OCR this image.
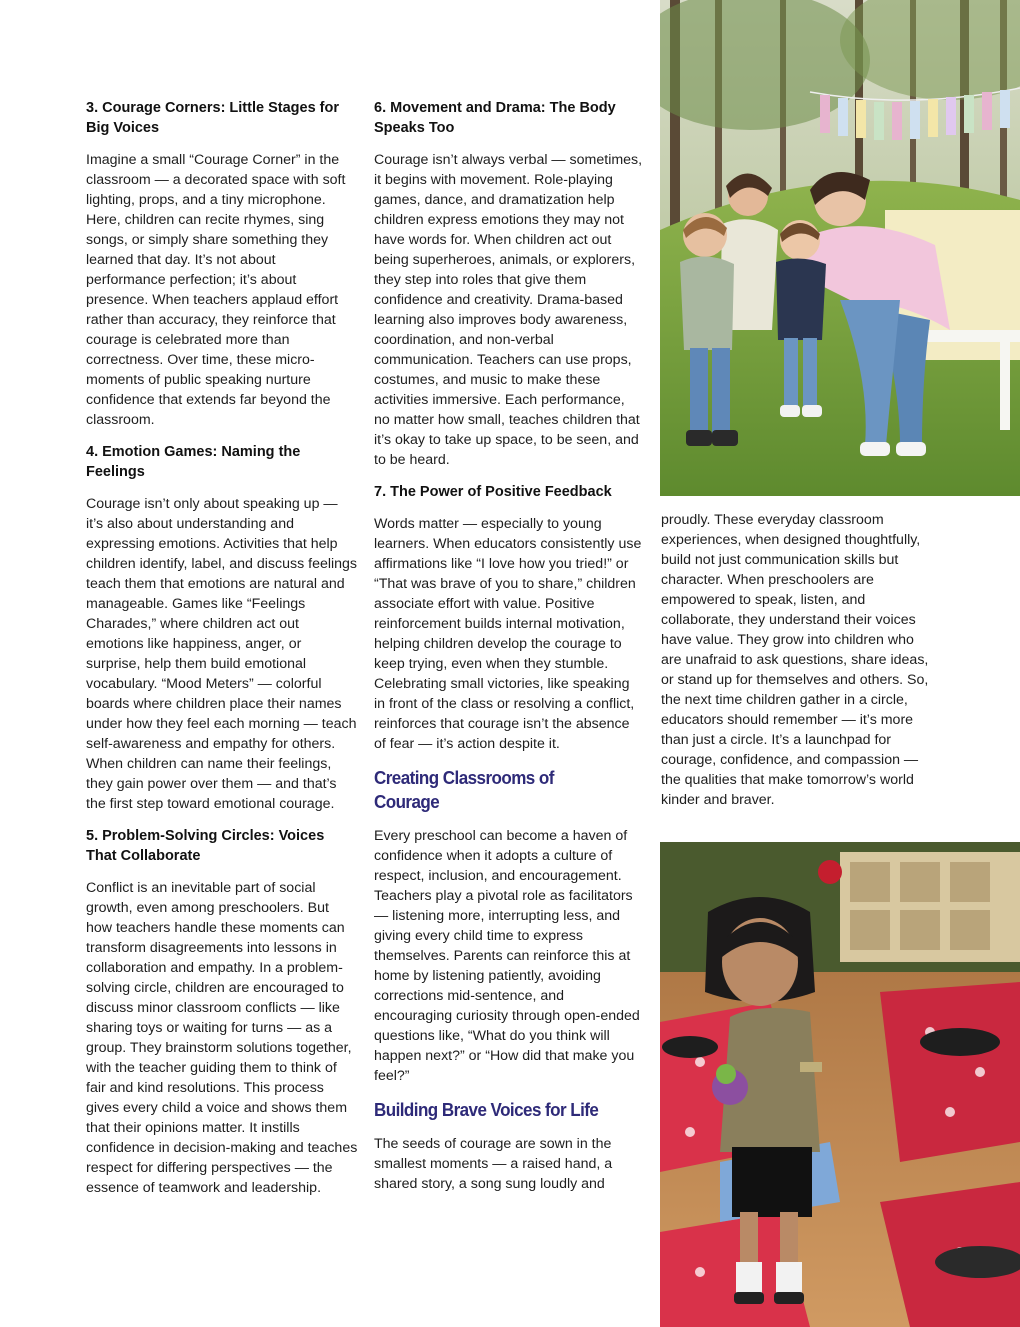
3. Courage Corners: Little Stages for Big Voices

Imagine a small “Courage Corner” in the classroom — a decorated space with soft lighting, props, and a tiny microphone. Here, children can recite rhymes, sing songs, or simply share something they learned that day. It’s not about performance perfection; it’s about presence. When teachers applaud effort rather than accuracy, they reinforce that courage is celebrated more than correctness. Over time, these micro-moments of public speaking nurture confidence that extends far beyond the classroom.

4. Emotion Games: Naming the Feelings

Courage isn’t only about speaking up — it’s also about understanding and expressing emotions. Activities that help children identify, label, and discuss feelings teach them that emotions are natural and manageable. Games like “Feelings Charades,” where children act out emotions like happiness, anger, or surprise, help them build emotional vocabulary. “Mood Meters” — colorful boards where children place their names under how they feel each morning — teach self-awareness and empathy for others. When children can name their feelings, they gain power over them — and that’s the first step toward emotional courage.

5. Problem-Solving Circles: Voices That Collaborate

Conflict is an inevitable part of social growth, even among preschoolers. But how teachers handle these moments can transform disagreements into lessons in collaboration and empathy. In a problem-solving circle, children are encouraged to discuss minor classroom conflicts — like sharing toys or waiting for turns — as a group. They brainstorm solutions together, with the teacher guiding them to think of fair and kind resolutions. This process gives every child a voice and shows them that their opinions matter. It instills confidence in decision-making and teaches respect for differing perspectives — the essence of teamwork and leadership.

6. Movement and Drama: The Body Speaks Too

Courage isn’t always verbal — sometimes, it begins with movement. Role-playing games, dance, and dramatization help children express emotions they may not have words for. When children act out being superheroes, animals, or explorers, they step into roles that give them confidence and creativity. Drama-based learning also improves body awareness, coordination, and non-verbal communication. Teachers can use props, costumes, and music to make these activities immersive. Each performance, no matter how small, teaches children that it’s okay to take up space, to be seen, and to be heard.

7. The Power of Positive Feedback

Words matter — especially to young learners. When educators consistently use affirmations like “I love how you tried!” or “That was brave of you to share,” children associate effort with value. Positive reinforcement builds internal motivation, helping children develop the courage to keep trying, even when they stumble. Celebrating small victories, like speaking in front of the class or resolving a conflict, reinforces that courage isn’t the absence of fear — it’s action despite it.

Creating Classrooms of Courage

Every preschool can become a haven of confidence when it adopts a culture of respect, inclusion, and encouragement. Teachers play a pivotal role as facilitators — listening more, interrupting less, and giving every child time to express themselves. Parents can reinforce this at home by listening patiently, avoiding corrections mid-sentence, and encouraging curiosity through open-ended questions like, “What do you think will happen next?” or “How did that make you feel?”

Building Brave Voices for Life

The seeds of courage are sown in the smallest moments — a raised hand, a shared story, a song sung loudly and

proudly. These everyday classroom experiences, when designed thoughtfully, build not just communication skills but character. When preschoolers are empowered to speak, listen, and collaborate, they understand their voices have value. They grow into children who are unafraid to ask questions, share ideas, or stand up for themselves and others. So, the next time children gather in a circle, educators should remember — it’s more than just a circle. It’s a launchpad for courage, confidence, and compassion — the qualities that make tomorrow’s world kinder and braver.
